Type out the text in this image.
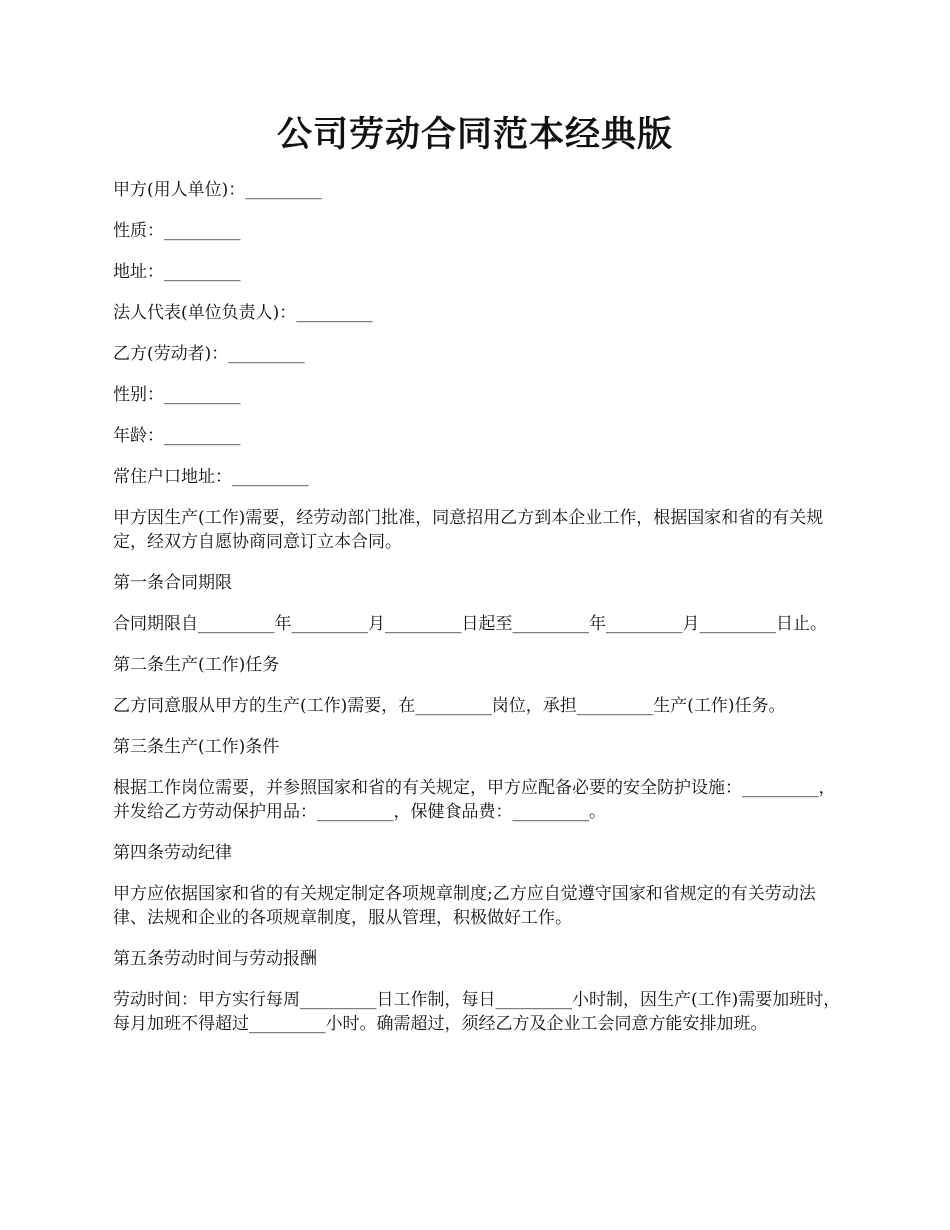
公司劳动合同范本经典版

甲方(用人单位)：_________

性质：_________

地址：_________

法人代表(单位负责人)：_________

乙方(劳动者)：_________

性别：_________

年龄：_________

常住户口地址：_________

甲方因生产(工作)需要，经劳动部门批准，同意招用乙方到本企业工作，根据国家和省的有关规定，经双方自愿协商同意订立本合同。

第一条合同期限

合同期限自_________年_________月_________日起至_________年_________月_________日止。

第二条生产(工作)任务

乙方同意服从甲方的生产(工作)需要，在_________岗位，承担_________生产(工作)任务。

第三条生产(工作)条件

根据工作岗位需要，并参照国家和省的有关规定，甲方应配备必要的安全防护设施：_________，并发给乙方劳动保护用品：_________，保健食品费：_________。

第四条劳动纪律

甲方应依据国家和省的有关规定制定各项规章制度;乙方应自觉遵守国家和省规定的有关劳动法律、法规和企业的各项规章制度，服从管理，积极做好工作。

第五条劳动时间与劳动报酬

劳动时间：甲方实行每周_________日工作制，每日_________小时制，因生产(工作)需要加班时，每月加班不得超过_________小时。确需超过，须经乙方及企业工会同意方能安排加班。
